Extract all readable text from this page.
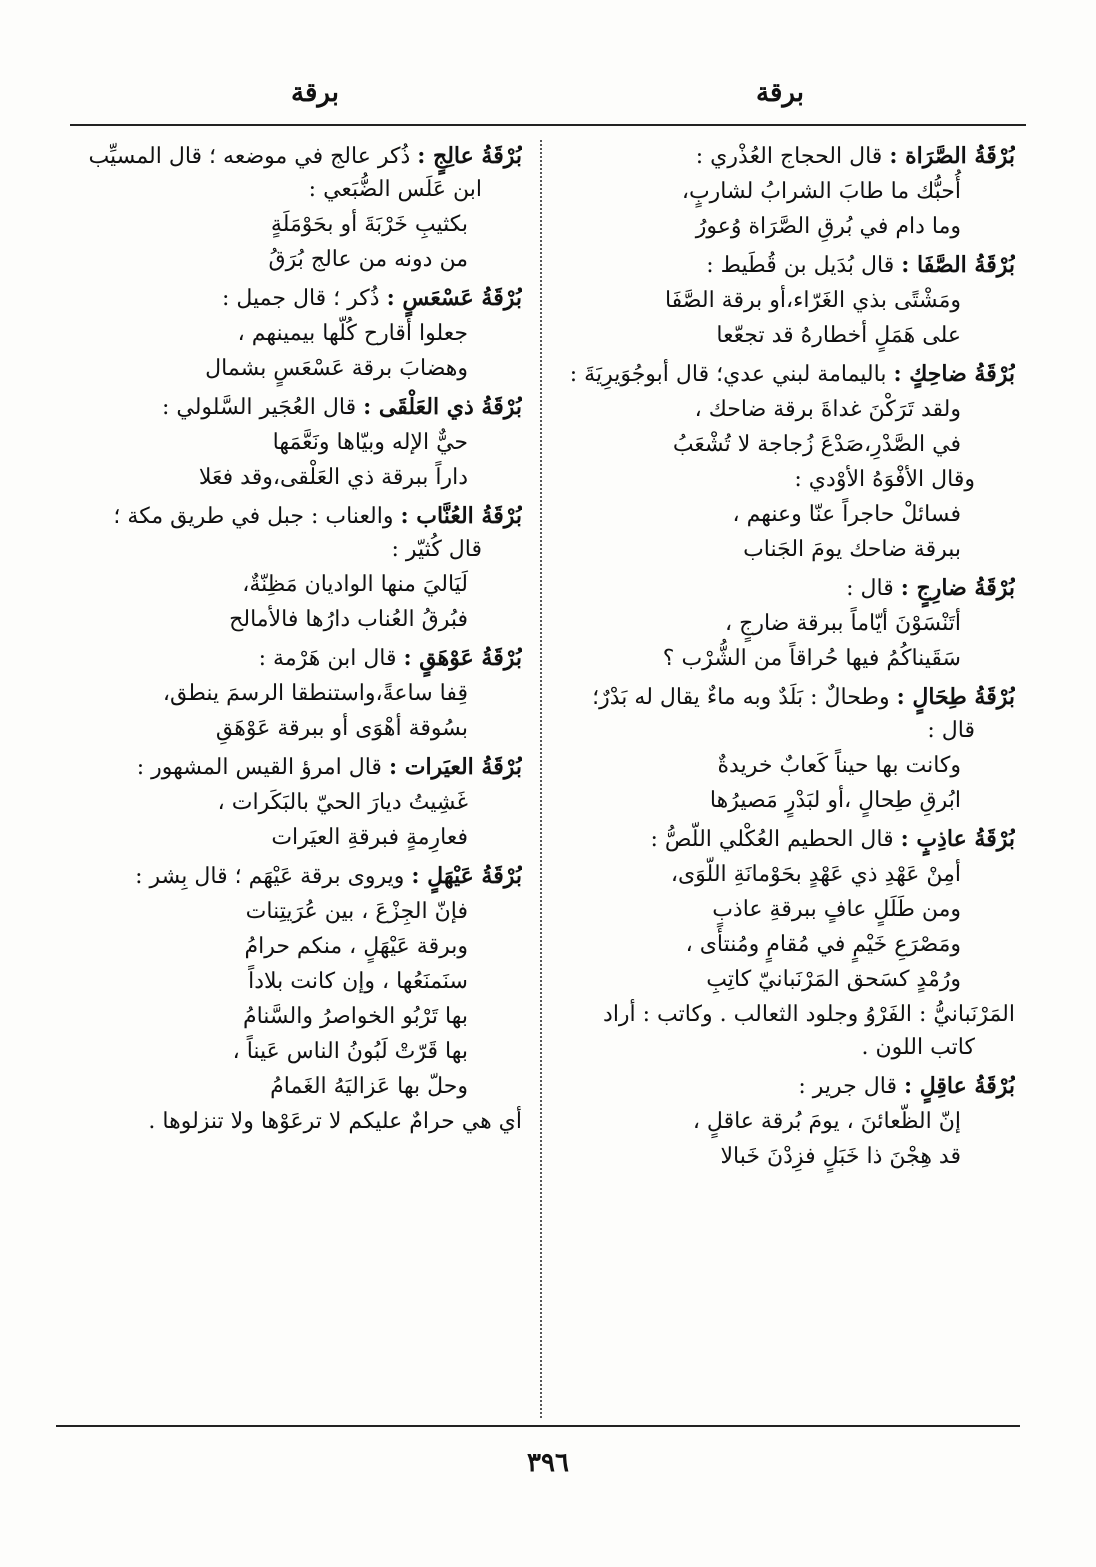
برقة
برقة
بُرْقَةُ الصَّرَاة : قال الحجاج العُذْري :
أُحبُّك ما طابَ الشرابُ لشاربٍ،
وما دام في بُرقِ الصَّرَاة وُعورُ
بُرْقَةُ الصَّفَا : قال بُدَيل بن قُطَيط :
ومَشْتًى بذي الغَرّاء،أو برقة الصَّفَا
على هَمَلٍ أخطارهُ قد تجعّعا
بُرْقَةُ ضاحِكٍ : باليمامة لبني عدي؛ قال أبوجُوَيرِيَةَ :
ولقد تَرَكْنَ غداةَ برقة ضاحك ،
في الصَّدْرِ،صَدْعَ زُجاجة لا تُشْعَبُ
وقال الأفْوَهُ الأوْدي :
فسائلْ حاجراً عنّا وعنهم ،
ببرقة ضاحك يومَ الجَناب
بُرْقَةُ ضارِجٍ : قال :
أتَنْسَوْنَ أيّاماً ببرقة ضارجٍ ،
سَقَيناكُمُ فيها حُراقاً من الشُّرْب ؟
بُرْقَةُ طِحَالٍ : وطحالٌ : بَلَدٌ وبه ماءٌ يقال له بَدْرٌ؛
قال :
وكانت بها حيناً كَعابٌ خريدةٌ
ابُرقِ طِحالٍ ،أو لبَدْرٍ مَصيرُها
بُرْقَةُ عاذِبٍ : قال الحطيم العُكْلي اللّصُّ :
أمِنْ عَهْدِ ذي عَهْدٍ بحَوْمانَةِ اللّوَى،
ومن طَلَلٍ عافٍ ببرقةِ عاذب
ومَصْرَعِ خَيْمٍ في مُقامٍ ومُنتأًى ،
ورُمْدٍ كسَحق المَرْنَبانيّ كاتِبِ
المَرْنَبانيُّ : الفَرْوُ وجلود الثعالب . وكاتب : أراد
كاتب اللون .
بُرْقَةُ عاقِلٍ : قال جرير :
إنّ الظّعائنَ ، يومَ بُرقة عاقلٍ ،
قد هِجْنَ ذا خَبَلٍ فزِدْنَ خَبالا
بُرْقَةُ عالِجٍ : ذُكر عالج في موضعه ؛ قال المسيِّب
ابن عَلَس الضُّبَعي :
بكثيبِ خَرْبَةَ أو بحَوْمَلَةٍ
من دونه من عالج بُرَقُ
بُرْقَةُ عَسْعَسٍ : ذُكر ؛ قال جميل :
جعلوا أقارح كُلّها بيمينهم ،
وهضابَ برقة عَسْعَسٍ بشمال
بُرْقَةُ ذي العَلْقَى : قال العُجَير السَّلولي :
حيٌّ الإله وبيّاها ونَعَّمَها
داراً ببرقة ذي العَلْقى،وقد فعَلا
بُرْقَةُ العُنَّاب : والعناب : جبل في طريق مكة ؛
قال كُثيّر :
لَيَاليَ منها الواديان مَظِنّةٌ،
فبُرقُ العُناب دارُها فالأمالح
بُرْقَةُ عَوْهَقٍ : قال ابن هَرْمة :
قِفا ساعةً،واستنطقا الرسمَ ينطق،
بسُوقة أهْوَى أو ببرقة عَوْهَقِ
بُرْقَةُ العيَرات : قال امرؤ القيس المشهور :
غَشِيتُ ديارَ الحيّ بالبَكَرات ،
فعارِمةٍ فبرقةِ العيَرات
بُرْقَةُ عَيْهَلٍ : ويروى برقة عَيْهَم ؛ قال بِشر :
فإنّ الجِزْعَ ، بين عُرَيتِنات
وبرقة عَيْهَلٍ ، منكم حرامُ
سنَمنَعُها ، وإن كانت بلاداً
بها تَرْبُو الخواصرُ والسَّنامُ
بها قَرّتْ لَبُونُ الناس عَيناً ،
وحلّ بها عَزاليَهُ الغَمامُ
أي هي حرامٌ عليكم لا ترعَوْها ولا تنزلوها .
٣٩٦
